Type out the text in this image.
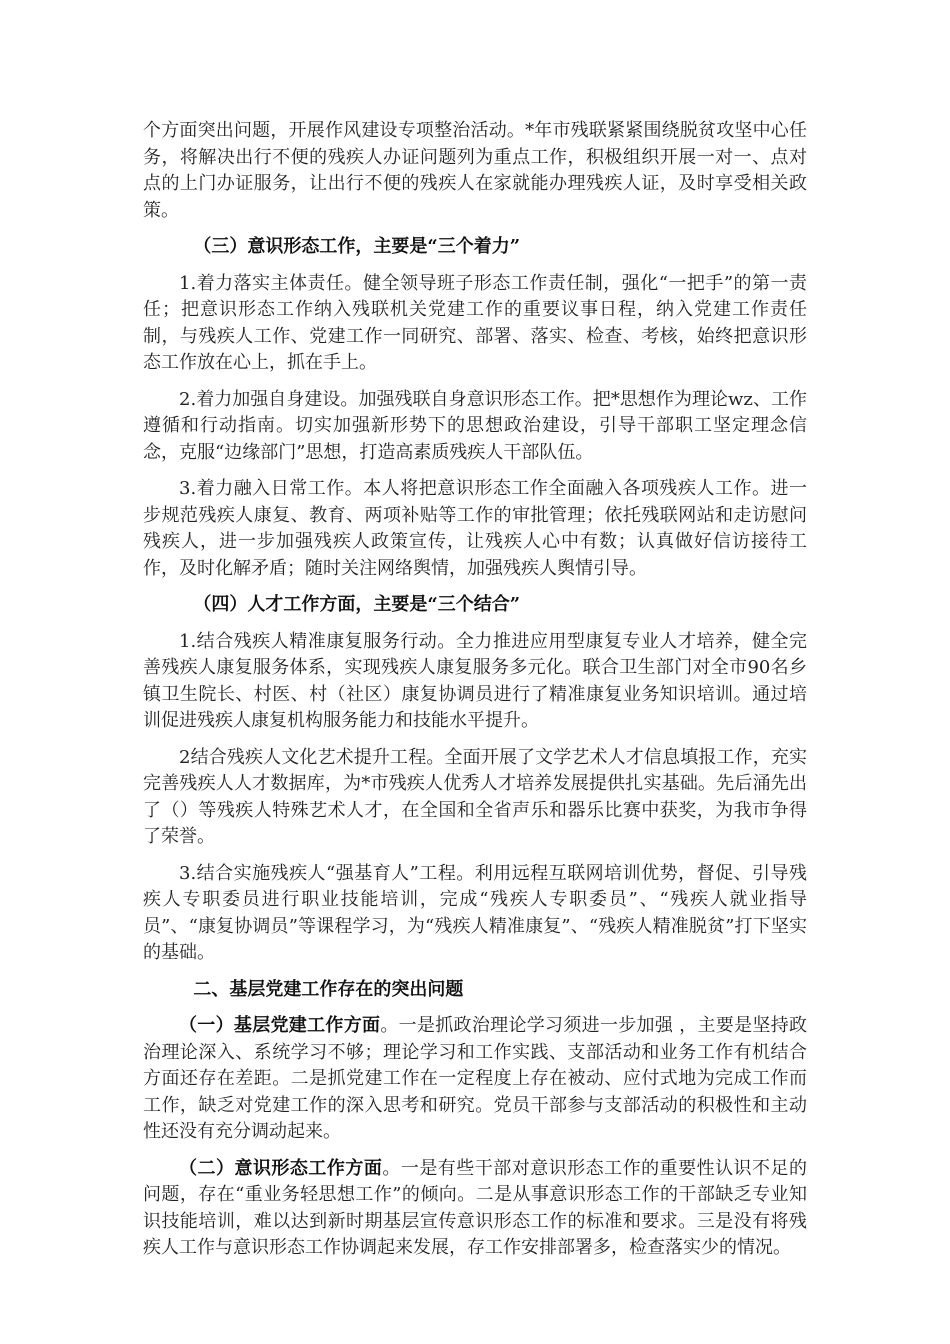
个方面突出问题，开展作风建设专项整治活动。*年市残联紧紧围绕脱贫攻坚中心任务，将解决出行不便的残疾人办证问题列为重点工作，积极组织开展一对一、点对点的上门办证服务，让出行不便的残疾人在家就能办理残疾人证，及时享受相关政策。

（三）意识形态工作，主要是“三个着力”

1.着力落实主体责任。健全领导班子形态工作责任制，强化“一把手”的第一责任；把意识形态工作纳入残联机关党建工作的重要议事日程，纳入党建工作责任制，与残疾人工作、党建工作一同研究、部署、落实、检查、考核，始终把意识形态工作放在心上，抓在手上。

2.着力加强自身建设。加强残联自身意识形态工作。把*思想作为理论wz、工作遵循和行动指南。切实加强新形势下的思想政治建设，引导干部职工坚定理念信念，克服“边缘部门”思想，打造高素质残疾人干部队伍。

3.着力融入日常工作。本人将把意识形态工作全面融入各项残疾人工作。进一步规范残疾人康复、教育、两项补贴等工作的审批管理；依托残联网站和走访慰问残疾人，进一步加强残疾人政策宣传，让残疾人心中有数；认真做好信访接待工作，及时化解矛盾；随时关注网络舆情，加强残疾人舆情引导。

（四）人才工作方面，主要是“三个结合”

1.结合残疾人精准康复服务行动。全力推进应用型康复专业人才培养，健全完善残疾人康复服务体系，实现残疾人康复服务多元化。联合卫生部门对全市90名乡镇卫生院长、村医、村（社区）康复协调员进行了精准康复业务知识培训。通过培训促进残疾人康复机构服务能力和技能水平提升。

2结合残疾人文化艺术提升工程。全面开展了文学艺术人才信息填报工作，充实完善残疾人人才数据库，为*市残疾人优秀人才培养发展提供扎实基础。先后涌先出了（）等残疾人特殊艺术人才，在全国和全省声乐和器乐比赛中获奖，为我市争得了荣誉。

3.结合实施残疾人“强基育人”工程。利用远程互联网培训优势，督促、引导残疾人专职委员进行职业技能培训，完成“残疾人专职委员”、“残疾人就业指导员”、“康复协调员”等课程学习，为“残疾人精准康复”、“残疾人精准脱贫”打下坚实的基础。

二、基层党建工作存在的突出问题

（一）基层党建工作方面。一是抓政治理论学习须进一步加强 ，主要是坚持政治理论深入、系统学习不够；理论学习和工作实践、支部活动和业务工作有机结合方面还存在差距。二是抓党建工作在一定程度上存在被动、应付式地为完成工作而工作，缺乏对党建工作的深入思考和研究。党员干部参与支部活动的积极性和主动性还没有充分调动起来。

（二）意识形态工作方面。一是有些干部对意识形态工作的重要性认识不足的问题，存在“重业务轻思想工作”的倾向。二是从事意识形态工作的干部缺乏专业知识技能培训，难以达到新时期基层宣传意识形态工作的标准和要求。三是没有将残疾人工作与意识形态工作协调起来发展，存工作安排部署多，检查落实少的情况。
